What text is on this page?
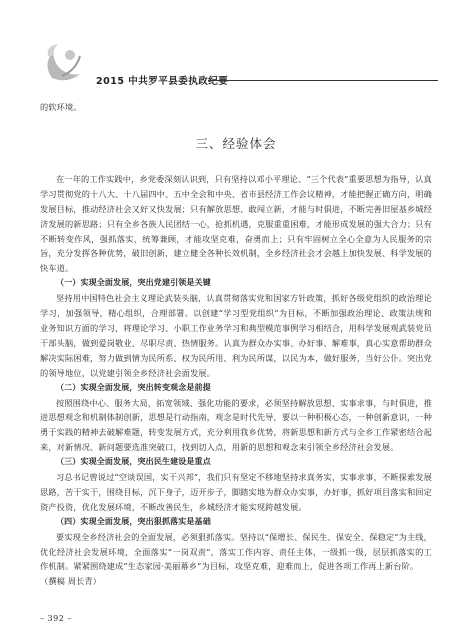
2015 中共罗平县委执政纪要

的软环境。

三、经验体会

在一年的工作实践中，乡党委深刻认识到，只有坚持以邓小平理论、“三个代表”重要思想为指导，认真学习贯彻党的十八大、十八届四中、五中全会和中央、省市县经济工作会议精神，才能把握正确方向，明确发展目标，推动经济社会又好又快发展；只有解放思想、敢闯立新，才能与时俱进，不断完善旧屋基乡城经济发展的新思路；只有全乡各族人民团结一心，抢抓机遇，克服重重困难，才能形成发展的强大合力；只有不断转变作风，强抓落实，统筹兼顾，才能攻坚克难，奋勇而上；只有牢固树立全心全意为人民服务的宗旨，充分发挥各种优势，破旧创新，建立健全各种长效机制，全乡经济社会才会越上加快发展、科学发展的快车道。

（一）实现全面发展，突出党建引领是关键

坚持用中国特色社会主义理论武装头脑，认真贯彻落实党和国家方针政策，抓好各级党组织的政治理论学习，加强领导，精心组织，合理部署。以创建“学习型党组织”为目标，不断加强政治理论、政策法规和业务知识方面的学习，将理论学习、小职工作业务学习和典型模范事例学习相结合，用科学发展观武装党员干部头脑，做到爱岗敬业、尽职尽责、热情服务。认真为群众办实事、办好事、解难事，真心实意帮助群众解决实际困难，努力做到情为民所系、权为民所用、利为民所谋，以民为本，做好服务，当好公仆。突出党的领导地位，以党建引领全乡经济社会面发展。

（二）实现全面发展，突出转变观念是前提

按照围绕中心、服务大局，拓宽领域、强化功能的要求，必须坚持解放思想、实事求事，与时俱进，推进思想观念和机制体制创新，思想是行动指南，观念是时代先导，要以一种积极心态，一种创新意识，一种勇于实践的精神去破解难题，转变发展方式，充分利用我乡优势，将新思想和新方式与全乡工作紧密结合起来，对新情况、新问题要选准突破口，找到切入点，用新的思想和观念来引领全乡经济社会发展。

（三）实现全面发展，突出民生建设是重点

习总书记曾说过“空谈误国，实干兴邦”，我们只有坚定不移地坚持求真务实，实事求事，不断探索发展思路，苦干实干，围绕目标，沉下身子，迈开步子，脚踏实地为群众办实事，办好事，抓好项目落实和回定资产投资，优化发展环境，不断改善民生，乡城经济才能实现跨越发展。

（四）实现全面发展，突出狠抓落实是基础

要实现全乡经济社会的全面发展，必须狠抓落实。坚持以“保增长、保民生、保安全、保稳定”为主线，优化经济社会发展环境，全面落实“一岗双责”，落实工作内容、责任主体，一级抓一级，层层抓落实的工作机制。紧紧围绕建成“生态家园·美丽幕乡”为目标，攻坚克难，迎难而上，促进各项工作再上新台阶。

（撰稿 周长青）

– 392 –
